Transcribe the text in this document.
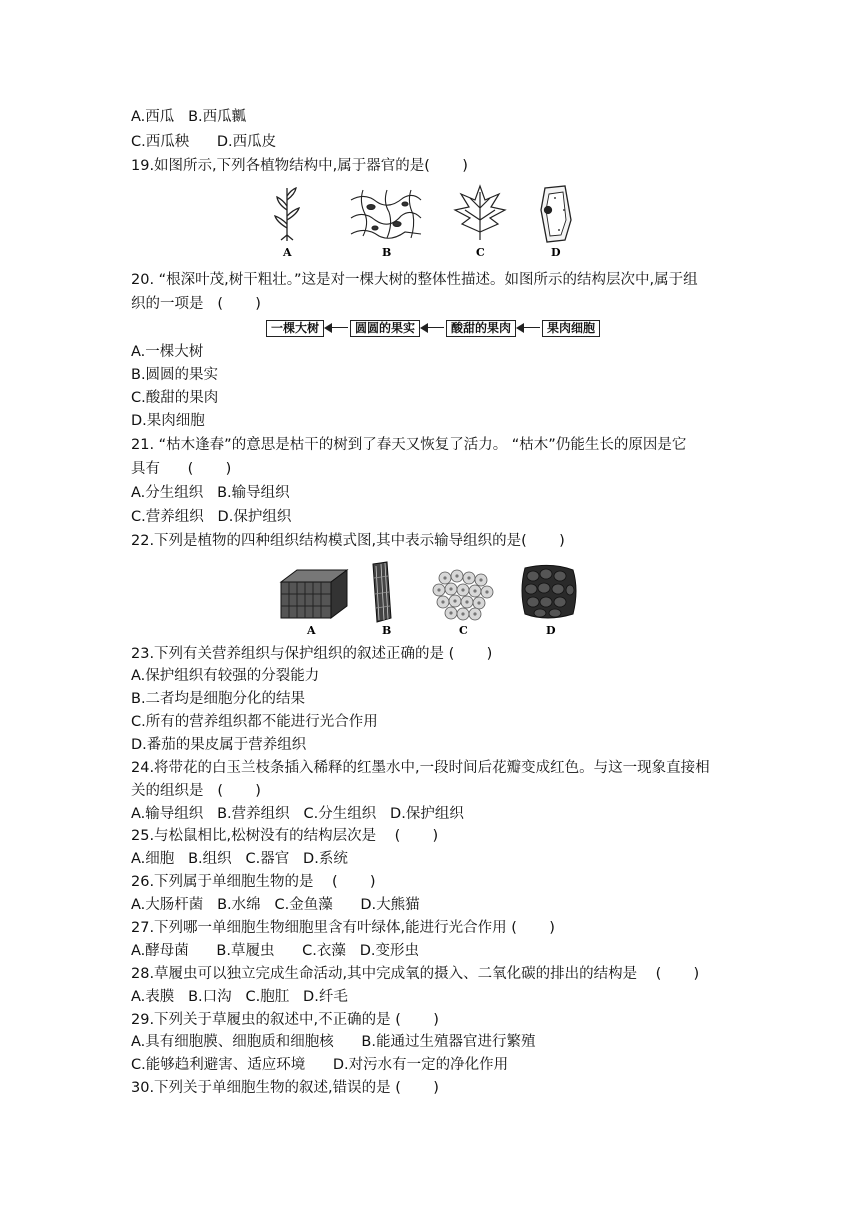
A.西瓜   B.西瓜瓤
C.西瓜秧      D.西瓜皮
19.如图所示,下列各植物结构中,属于器官的是(       )
A	B	C	D
20. “根深叶茂,树干粗壮。”这是对一棵大树的整体性描述。如图所示的结构层次中,属于组
织的一项是   (       )
一棵大树	圆圆的果实	酸甜的果肉	果肉细胞
A.一棵大树
B.圆圆的果实
C.酸甜的果肉
D.果肉细胞
21. “枯木逢春”的意思是枯干的树到了春天又恢复了活力。 “枯木”仍能生长的原因是它
具有      (       )
A.分生组织   B.输导组织
C.营养组织   D.保护组织
22.下列是植物的四种组织结构模式图,其中表示输导组织的是(       )
A	B	C	D
23.下列有关营养组织与保护组织的叙述正确的是 (       )
A.保护组织有较强的分裂能力
B.二者均是细胞分化的结果
C.所有的营养组织都不能进行光合作用
D.番茄的果皮属于营养组织
24.将带花的白玉兰枝条插入稀释的红墨水中,一段时间后花瓣变成红色。与这一现象直接相
关的组织是   (       )
A.输导组织   B.营养组织   C.分生组织   D.保护组织
25.与松鼠相比,松树没有的结构层次是    (       )
A.细胞   B.组织   C.器官   D.系统
26.下列属于单细胞生物的是    (       )
A.大肠杆菌   B.水绵   C.金鱼藻      D.大熊猫
27.下列哪一单细胞生物细胞里含有叶绿体,能进行光合作用 (       )
A.酵母菌      B.草履虫      C.衣藻   D.变形虫
28.草履虫可以独立完成生命活动,其中完成氧的摄入、二氧化碳的排出的结构是    (       )
A.表膜   B.口沟   C.胞肛   D.纤毛
29.下列关于草履虫的叙述中,不正确的是 (       )
A.具有细胞膜、细胞质和细胞核      B.能通过生殖器官进行繁殖
C.能够趋利避害、适应环境      D.对污水有一定的净化作用
30.下列关于单细胞生物的叙述,错误的是 (       )
